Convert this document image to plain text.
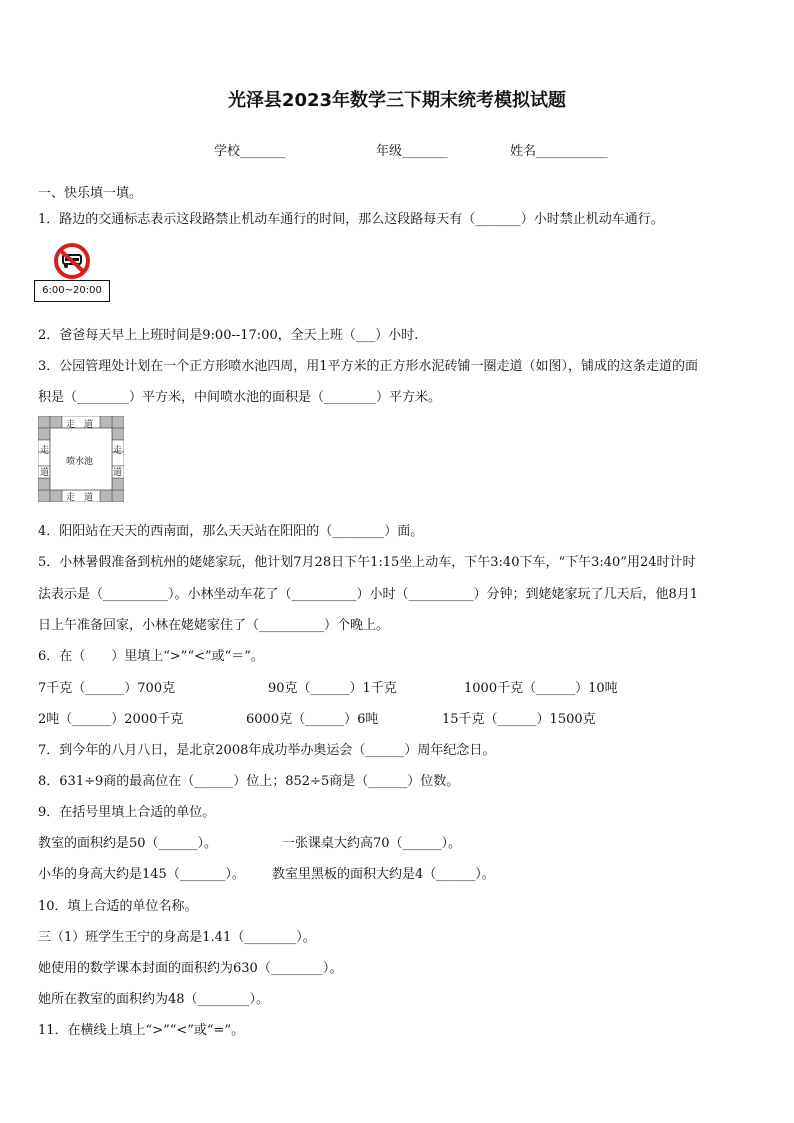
光泽县2023年数学三下期末统考模拟试题
学校_______	年级_______	姓名___________
一、快乐填一填。
1．路边的交通标志表示这段路禁止机动车通行的时间，那么这段路每天有（_______）小时禁止机动车通行。
6:00~20:00
2．爸爸每天早上上班时间是9:00--17:00，全天上班（___）小时.
3．公园管理处计划在一个正方形喷水池四周，用1平方米的正方形水泥砖铺一圈走道（如图），铺成的这条走道的面
积是（________）平方米，中间喷水池的面积是（________）平方米。
走　道
走　道
走
道
走
道
喷水池
4．阳阳站在天天的西南面，那么天天站在阳阳的（________）面。
5．小林暑假准备到杭州的姥姥家玩，他计划7月28日下午1:15坐上动车，下午3:40下车，“下午3:40”用24时计时
法表示是（__________）。小林坐动车花了（__________）小时（__________）分钟；到姥姥家玩了几天后，他8月1
日上午准备回家，小林在姥姥家住了（__________）个晚上。
6．在（　　）里填上“>”“<”或“＝”。
7千克（______）700克	90克（______）1千克	1000千克（______）10吨
2吨（______）2000千克	6000克（______）6吨	15千克（______）1500克
7．到今年的八月八日，是北京2008年成功举办奥运会（______）周年纪念日。
8．631÷9商的最高位在（______）位上；852÷5商是（______）位数。
9．在括号里填上合适的单位。
教室的面积约是50（______）。	一张课桌大约高70（______）。
小华的身高大约是145（_______）。 教室里黑板的面积大约是4（______）。
10．填上合适的单位名称。
三（1）班学生王宁的身高是1.41（________）。
她使用的数学课本封面的面积约为630（________）。
她所在教室的面积约为48（________）。
11．在横线上填上“>”“<”或“=”。
